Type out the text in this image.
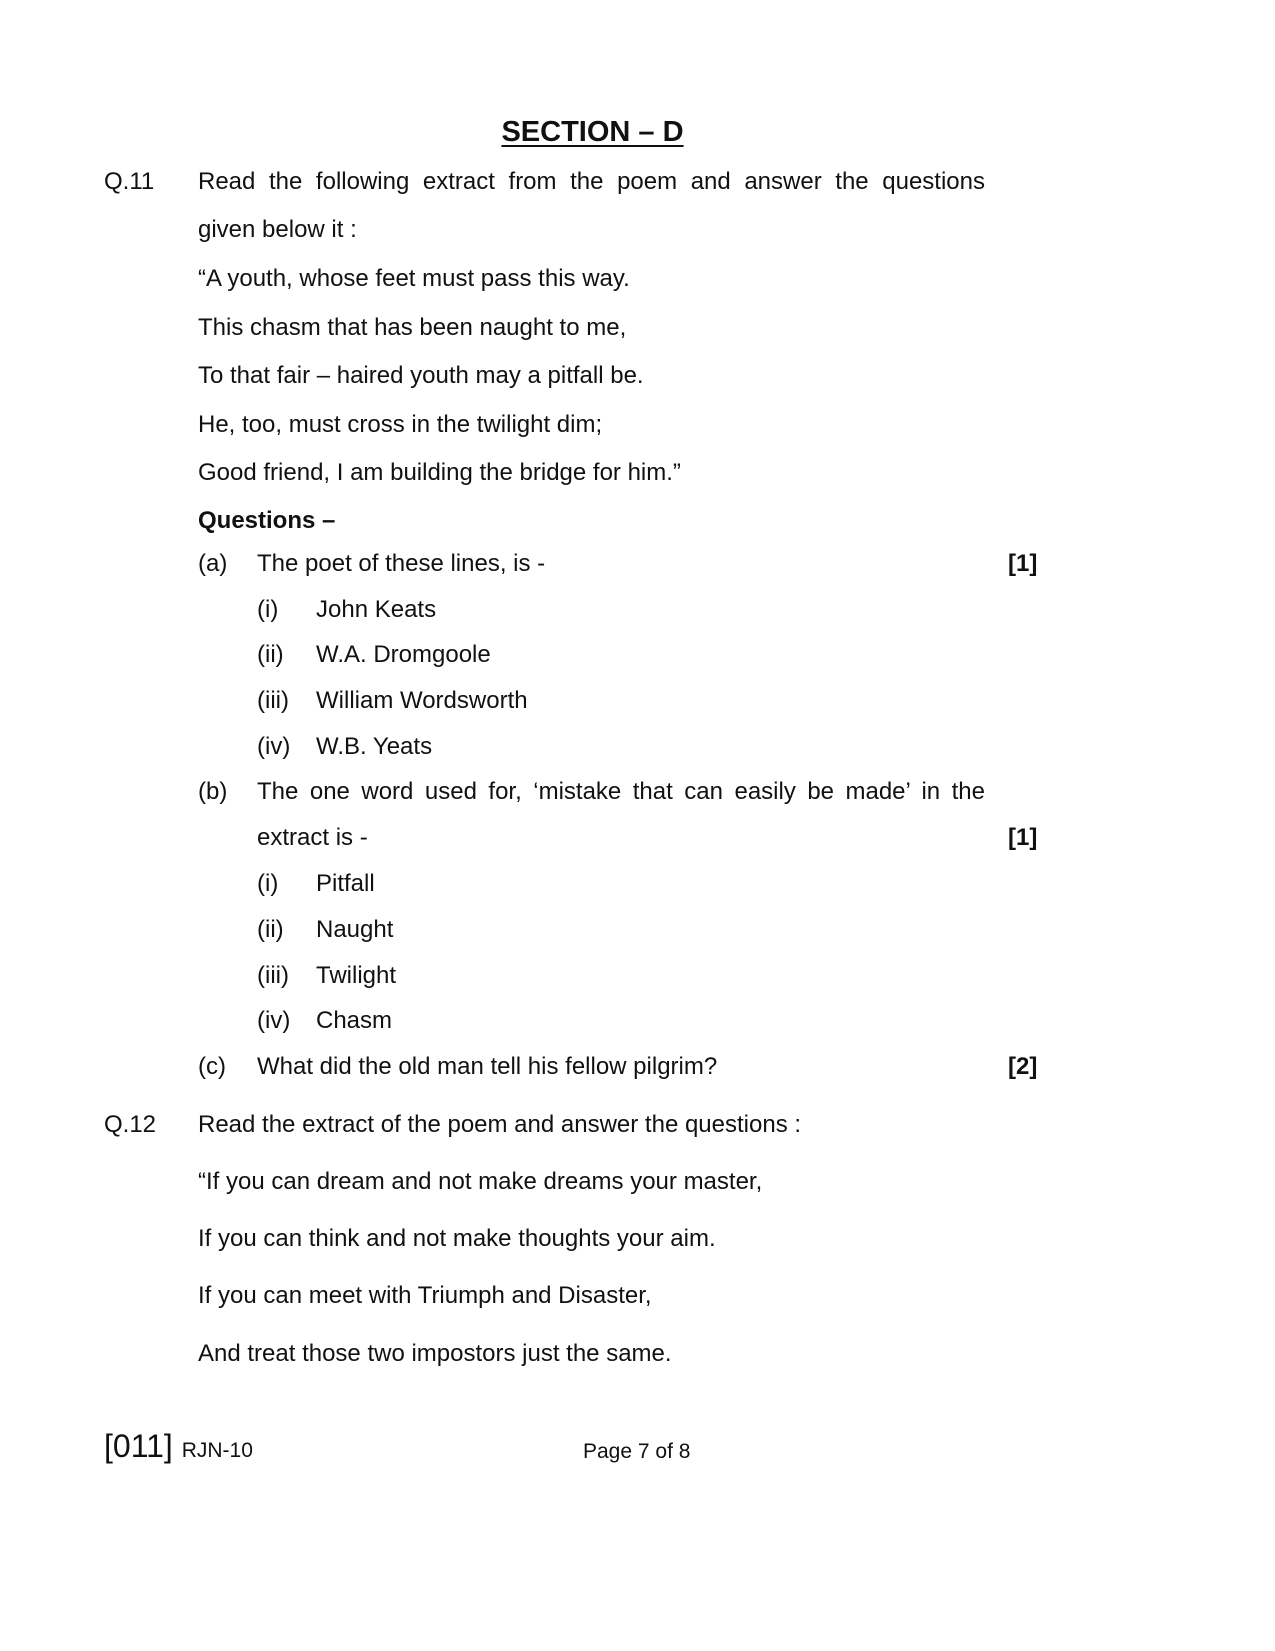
SECTION – D
Q.11 Read the following extract from the poem and answer the questions
given below it :
“A youth, whose feet must pass this way.
This chasm that has been naught to me,
To that fair – haired youth may a pitfall be.
He, too, must cross in the twilight dim;
Good friend, I am building the bridge for him.”
Questions –
(a) The poet of these lines, is -	[1]
(i) John Keats
(ii) W.A. Dromgoole
(iii) William Wordsworth
(iv) W.B. Yeats
(b) The one word used for, ‘mistake that can easily be made’ in the
extract is -	[1]
(i) Pitfall
(ii) Naught
(iii) Twilight
(iv) Chasm
(c) What did the old man tell his fellow pilgrim?	[2]
Q.12 Read the extract of the poem and answer the questions :
“If you can dream and not make dreams your master,
If you can think and not make thoughts your aim.
If you can meet with Triumph and Disaster,
And treat those two impostors just the same.
[011] RJN-10	Page 7 of 8
